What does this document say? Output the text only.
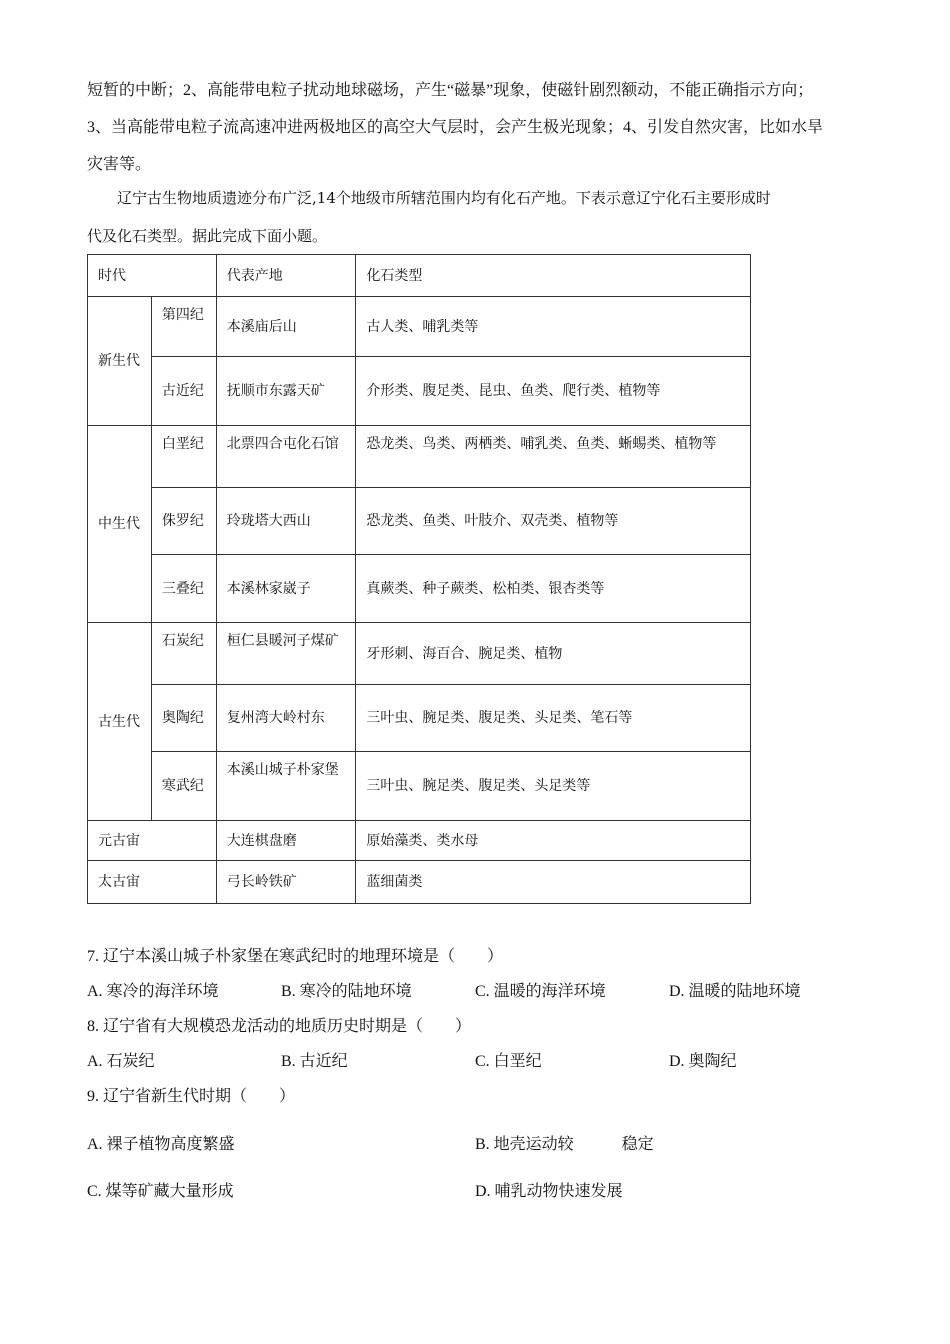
短暂的中断；2、高能带电粒子扰动地球磁场，产生“磁暴”现象，使磁针剧烈额动，不能正确指示方向；
3、当高能带电粒子流高速冲进两极地区的高空大气层时，会产生极光现象；4、引发自然灾害，比如水旱
灾害等。
　　辽宁古生物地质遗迹分布广泛,14个地级市所辖范围内均有化石产地。下表示意辽宁化石主要形成时
代及化石类型。据此完成下面小题。
时代		代表产地	化石类型
新生代	第四纪	本溪庙后山	古人类、哺乳类等
	古近纪	抚顺市东露天矿	介形类、腹足类、昆虫、鱼类、爬行类、植物等
中生代	白垩纪	北票四合屯化石馆	恐龙类、鸟类、两栖类、哺乳类、鱼类、蜥蜴类、植物等
	侏罗纪	玲珑塔大西山	恐龙类、鱼类、叶肢介、双壳类、植物等
	三叠纪	本溪林家崴子	真蕨类、种子蕨类、松柏类、银杏类等
古生代	石炭纪	桓仁县暖河子煤矿	牙形刺、海百合、腕足类、植物
	奥陶纪	复州湾大岭村东	三叶虫、腕足类、腹足类、头足类、笔石等
	寒武纪	本溪山城子朴家堡	三叶虫、腕足类、腹足类、头足类等
元古宙		大连棋盘磨	原始藻类、类水母
太古宙		弓长岭铁矿	蓝细菌类
7. 辽宁本溪山城子朴家堡在寒武纪时的地理环境是（　　）
A. 寒冷的海洋环境	B. 寒冷的陆地环境	C. 温暖的海洋环境	D. 温暖的陆地环境
8. 辽宁省有大规模恐龙活动的地质历史时期是（　　）
A. 石炭纪	B. 古近纪	C. 白垩纪	D. 奥陶纪
9. 辽宁省新生代时期（　　）
A. 裸子植物高度繁盛	B. 地壳运动较　　　稳定
C. 煤等矿藏大量形成	D. 哺乳动物快速发展
